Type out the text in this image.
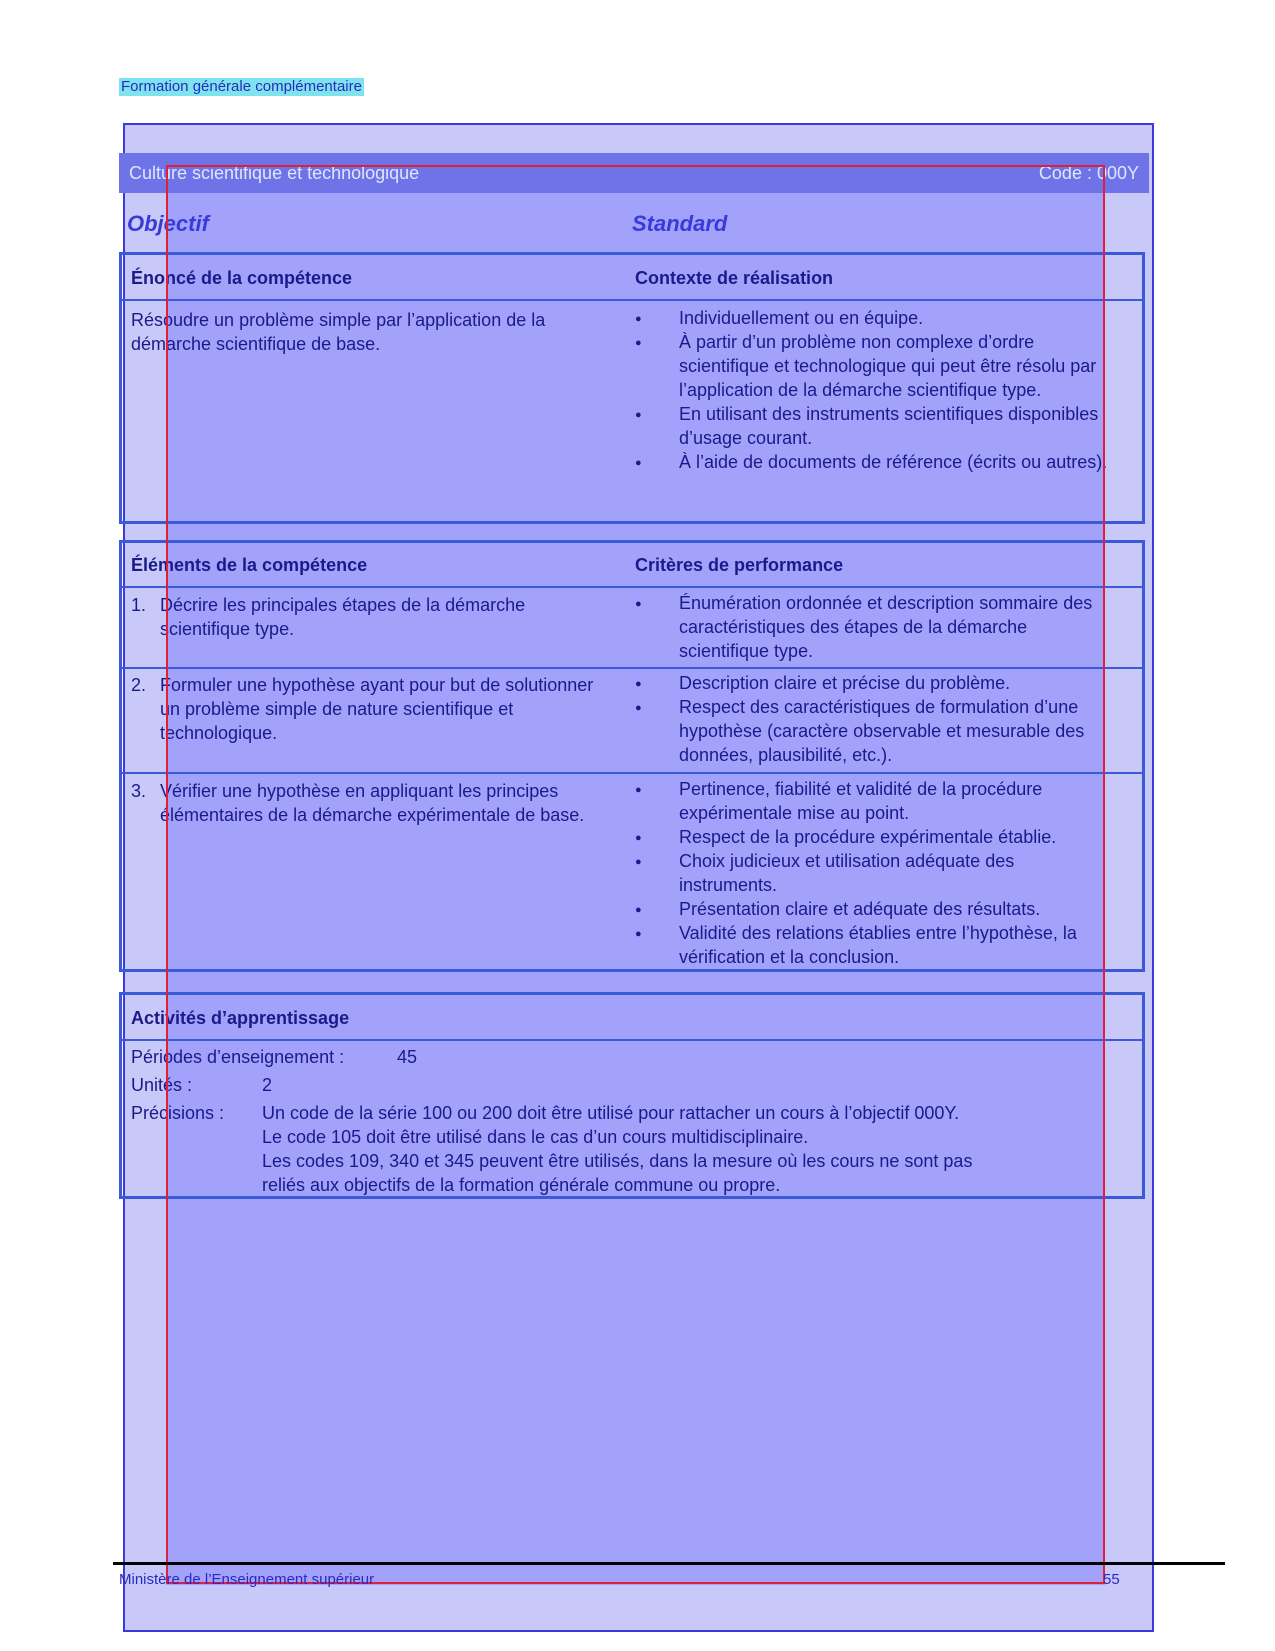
Formation générale complémentaire
Culture scientifique et technologique	Code : 000Y
Objectif	Standard
Énoncé de la compétence	Contexte de réalisation
Résoudre un problème simple par l’application de la démarche scientifique de base.
● Individuellement ou en équipe.
● À partir d’un problème non complexe d’ordre scientifique et technologique qui peut être résolu par l’application de la démarche scientifique type.
● En utilisant des instruments scientifiques disponibles d’usage courant.
● À l’aide de documents de référence (écrits ou autres).
Éléments de la compétence	Critères de performance
1. Décrire les principales étapes de la démarche scientifique type.
● Énumération ordonnée et description sommaire des caractéristiques des étapes de la démarche scientifique type.
2. Formuler une hypothèse ayant pour but de solutionner un problème simple de nature scientifique et technologique.
● Description claire et précise du problème.
● Respect des caractéristiques de formulation d’une hypothèse (caractère observable et mesurable des données, plausibilité, etc.).
3. Vérifier une hypothèse en appliquant les principes élémentaires de la démarche expérimentale de base.
● Pertinence, fiabilité et validité de la procédure expérimentale mise au point.
● Respect de la procédure expérimentale établie.
● Choix judicieux et utilisation adéquate des instruments.
● Présentation claire et adéquate des résultats.
● Validité des relations établies entre l’hypothèse, la vérification et la conclusion.
Activités d’apprentissage
Périodes d’enseignement :	45
Unités :	2
Précisions : Un code de la série 100 ou 200 doit être utilisé pour rattacher un cours à l’objectif 000Y.
Le code 105 doit être utilisé dans le cas d’un cours multidisciplinaire.
Les codes 109, 340 et 345 peuvent être utilisés, dans la mesure où les cours ne sont pas
reliés aux objectifs de la formation générale commune ou propre.
Ministère de l’Enseignement supérieur	55
